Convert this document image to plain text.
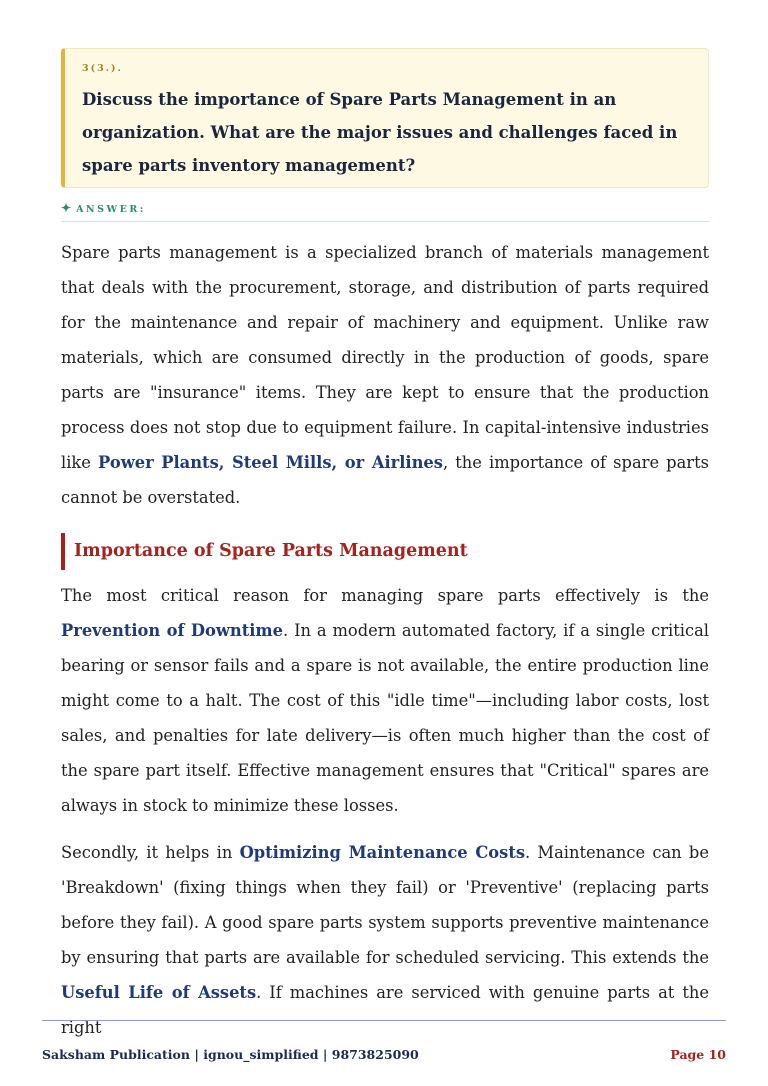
3(3.).
Discuss the importance of Spare Parts Management in an organization. What are the major issues and challenges faced in spare parts inventory management?
✦ ANSWER:

Spare parts management is a specialized branch of materials management that deals with the procurement, storage, and distribution of parts required for the maintenance and repair of machinery and equipment. Unlike raw materials, which are consumed directly in the production of goods, spare parts are "insurance" items. They are kept to ensure that the production process does not stop due to equipment failure. In capital-intensive industries like Power Plants, Steel Mills, or Airlines, the importance of spare parts cannot be overstated.

Importance of Spare Parts Management

The most critical reason for managing spare parts effectively is the Prevention of Downtime. In a modern automated factory, if a single critical bearing or sensor fails and a spare is not available, the entire production line might come to a halt. The cost of this "idle time"—including labor costs, lost sales, and penalties for late delivery—is often much higher than the cost of the spare part itself. Effective management ensures that "Critical" spares are always in stock to minimize these losses.

Secondly, it helps in Optimizing Maintenance Costs. Maintenance can be 'Breakdown' (fixing things when they fail) or 'Preventive' (replacing parts before they fail). A good spare parts system supports preventive maintenance by ensuring that parts are available for scheduled servicing. This extends the Useful Life of Assets. If machines are serviced with genuine parts at the right

Saksham Publication | ignou_simplified | 9873825090	Page 10
